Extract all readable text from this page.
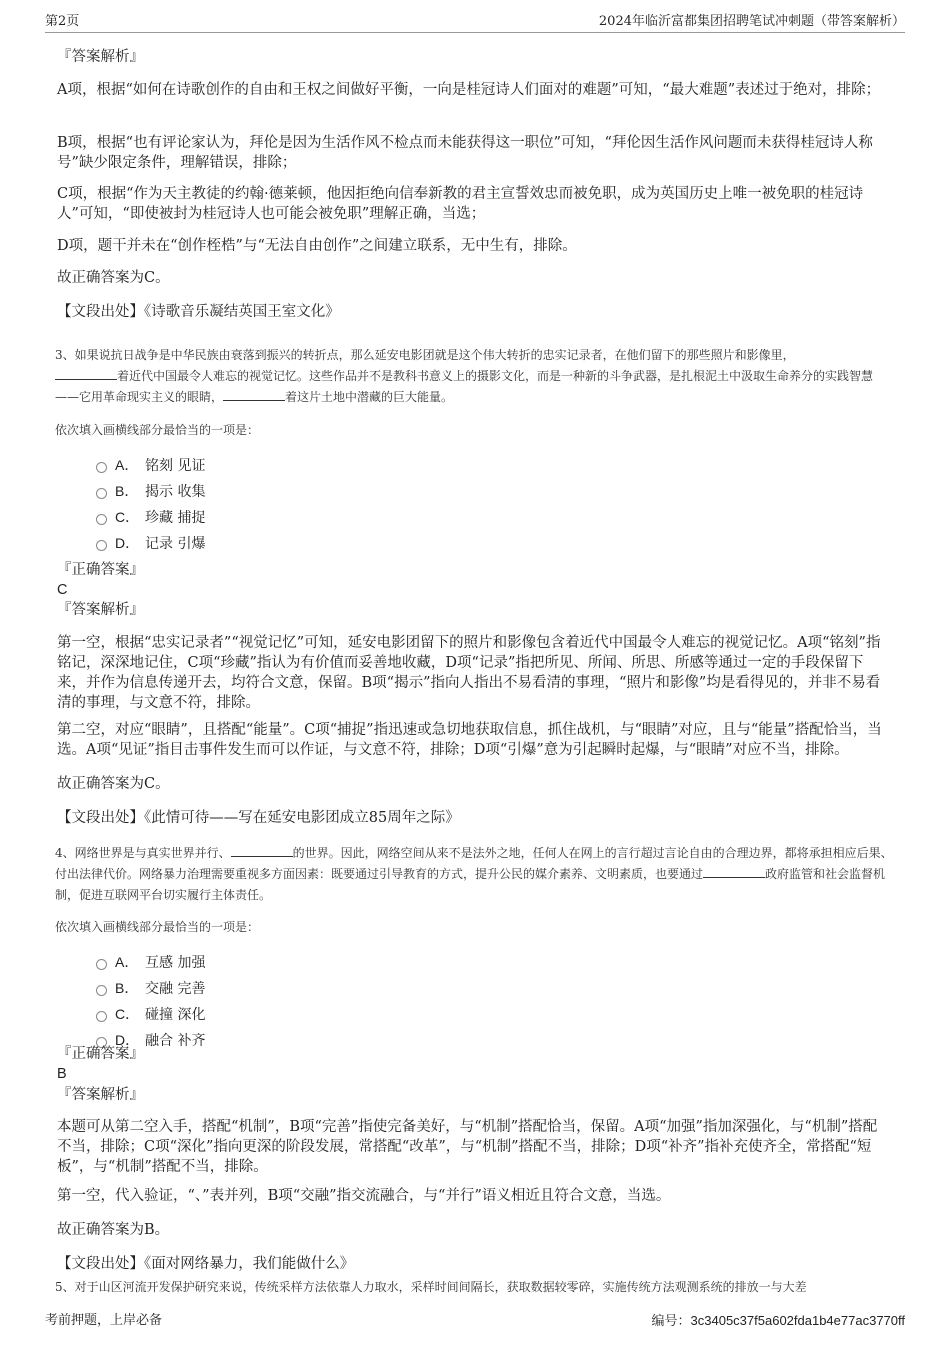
第2页	2024年临沂富都集团招聘笔试冲刺题（带答案解析）

『答案解析』

A项，根据“如何在诗歌创作的自由和王权之间做好平衡，一向是桂冠诗人们面对的难题”可知，“最大难题”表述过于绝对，排除；

B项，根据“也有评论家认为，拜伦是因为生活作风不检点而未能获得这一职位”可知，“拜伦因生活作风问题而未获得桂冠诗人称号”缺少限定条件，理解错误，排除；

C项，根据“作为天主教徒的约翰·德莱顿，他因拒绝向信奉新教的君主宣誓效忠而被免职，成为英国历史上唯一被免职的桂冠诗人”可知，“即使被封为桂冠诗人也可能会被免职”理解正确，当选；

D项，题干并未在“创作桎梏”与“无法自由创作”之间建立联系，无中生有，排除。

故正确答案为C。

【文段出处】《诗歌音乐凝结英国王室文化》

3、如果说抗日战争是中华民族由衰落到振兴的转折点，那么延安电影团就是这个伟大转折的忠实记录者，在他们留下的那些照片和影像里，
着近代中国最令人难忘的视觉记忆。这些作品并不是教科书意义上的摄影文化，而是一种新的斗争武器，是扎根泥土中汲取生命养分的实践智慧——它用革命现实主义的眼睛，	着这片土地中潜藏的巨大能量。

依次填入画横线部分最恰当的一项是：

A． 铭刻 见证
B． 揭示 收集
C． 珍藏 捕捉
D． 记录 引爆

『正确答案』

C

『答案解析』

第一空，根据“忠实记录者”“视觉记忆”可知，延安电影团留下的照片和影像包含着近代中国最令人难忘的视觉记忆。A项“铭刻”指铭记，深深地记住，C项“珍藏”指认为有价值而妥善地收藏，D项“记录”指把所见、所闻、所思、所感等通过一定的手段保留下来，并作为信息传递开去，均符合文意，保留。B项“揭示”指向人指出不易看清的事理，“照片和影像”均是看得见的，并非不易看清的事理，与文意不符，排除。

第二空，对应“眼睛”，且搭配“能量”。C项“捕捉”指迅速或急切地获取信息，抓住战机，与“眼睛”对应，且与“能量”搭配恰当，当选。A项“见证”指目击事件发生而可以作证，与文意不符，排除；D项“引爆”意为引起瞬时起爆，与“眼睛”对应不当，排除。

故正确答案为C。

【文段出处】《此情可待——写在延安电影团成立85周年之际》

4、网络世界是与真实世界并行、	的世界。因此，网络空间从来不是法外之地，任何人在网上的言行超过言论自由的合理边界，都将承担相应后果、付出法律代价。网络暴力治理需要重视多方面因素：既要通过引导教育的方式，提升公民的媒介素养、文明素质，也要通过	政府监管和社会监督机制，促进互联网平台切实履行主体责任。

依次填入画横线部分最恰当的一项是：

A． 互感 加强
B． 交融 完善
C． 碰撞 深化
D． 融合 补齐

『正确答案』

B

『答案解析』

本题可从第二空入手，搭配“机制”，B项“完善”指使完备美好，与“机制”搭配恰当，保留。A项“加强”指加深强化，与“机制”搭配不当，排除；C项“深化”指向更深的阶段发展，常搭配“改革”，与“机制”搭配不当，排除；D项“补齐”指补充使齐全，常搭配“短板”，与“机制”搭配不当，排除。

第一空，代入验证，“、”表并列，B项“交融”指交流融合，与“并行”语义相近且符合文意，当选。

故正确答案为B。

【文段出处】《面对网络暴力，我们能做什么》

5、对于山区河流开发保护研究来说，传统采样方法依靠人力取水，采样时间间隔长，获取数据较零碎，实施传统方法观测系统的排放一与大差

考前押题，上岸必备	编号：3c3405c37f5a602fda1b4e77ac3770ff
